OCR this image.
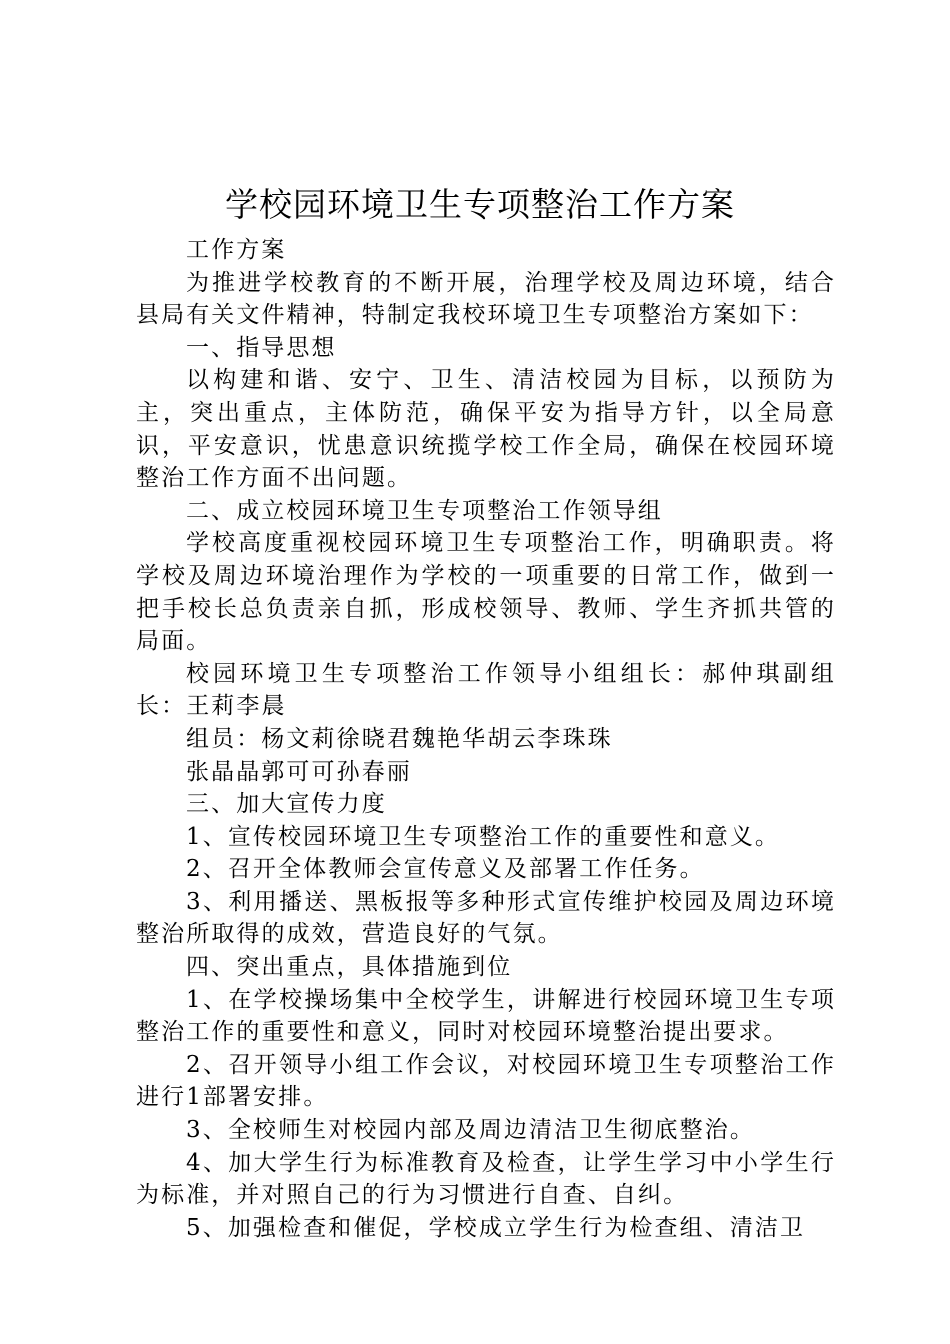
学校园环境卫生专项整治工作方案

工作方案

为推进学校教育的不断开展，治理学校及周边环境，结合县局有关文件精神，特制定我校环境卫生专项整治方案如下：

一、指导思想

以构建和谐、安宁、卫生、清洁校园为目标，以预防为主，突出重点，主体防范，确保平安为指导方针，以全局意识，平安意识，忧患意识统揽学校工作全局，确保在校园环境整治工作方面不出问题。

二、成立校园环境卫生专项整治工作领导组

学校高度重视校园环境卫生专项整治工作，明确职责。将学校及周边环境治理作为学校的一项重要的日常工作，做到一把手校长总负责亲自抓，形成校领导、教师、学生齐抓共管的局面。

校园环境卫生专项整治工作领导小组组长：郝仲琪副组长：王莉李晨

组员：杨文莉徐晓君魏艳华胡云李珠珠

张晶晶郭可可孙春丽

三、加大宣传力度

1、宣传校园环境卫生专项整治工作的重要性和意义。

2、召开全体教师会宣传意义及部署工作任务。

3、利用播送、黑板报等多种形式宣传维护校园及周边环境整治所取得的成效，营造良好的气氛。

四、突出重点，具体措施到位

1、在学校操场集中全校学生，讲解进行校园环境卫生专项整治工作的重要性和意义，同时对校园环境整治提出要求。

2、召开领导小组工作会议，对校园环境卫生专项整治工作进行1部署安排。

3、全校师生对校园内部及周边清洁卫生彻底整治。

4、加大学生行为标准教育及检查，让学生学习中小学生行为标准，并对照自己的行为习惯进行自查、自纠。

5、加强检查和催促，学校成立学生行为检查组、清洁卫
